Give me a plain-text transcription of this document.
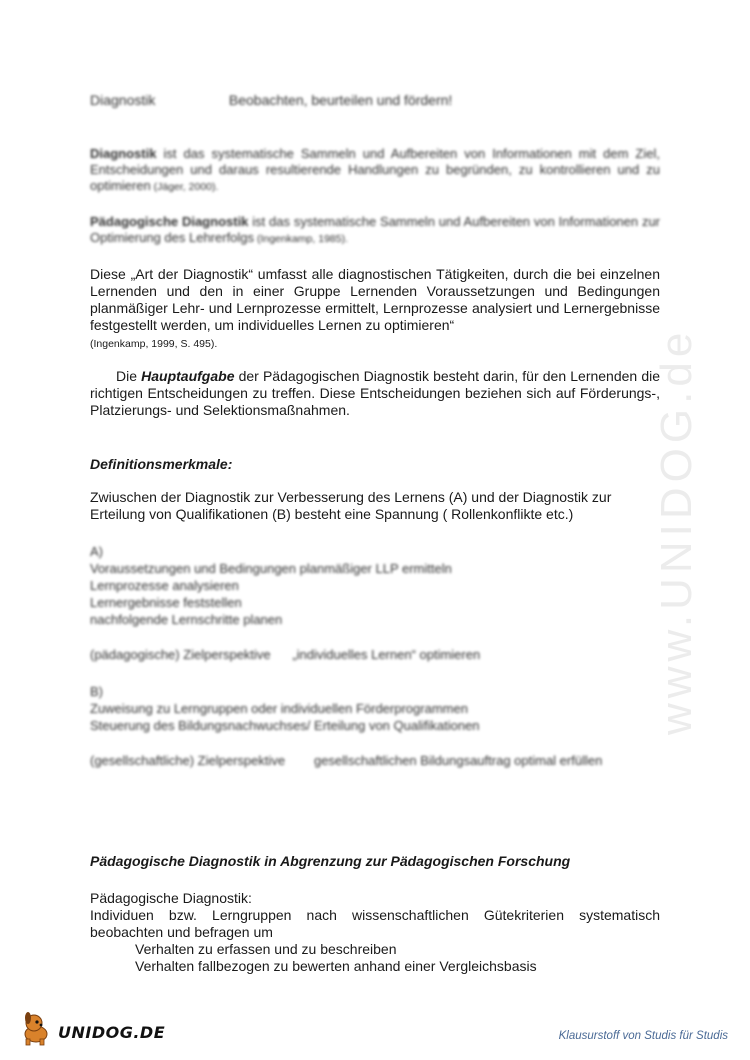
www.UNIDOG.de
Diagnostik	Beobachten, beurteilen und fördern!
Diagnostik ist das systematische Sammeln und Aufbereiten von Informationen mit dem Ziel, Entscheidungen und daraus resultierende Handlungen zu begründen, zu kontrollieren und zu optimieren (Jäger, 2000).
Pädagogische Diagnostik ist das systematische Sammeln und Aufbereiten von Informationen zur Optimierung des Lehrerfolgs (Ingenkamp, 1985).
Diese „Art der Diagnostik“ umfasst alle diagnostischen Tätigkeiten, durch die bei einzelnen Lernenden und den in einer Gruppe Lernenden Voraussetzungen und Bedingungen planmäßiger Lehr- und Lernprozesse ermittelt, Lernprozesse analysiert und Lernergebnisse festgestellt werden, um individuelles Lernen zu optimieren“
(Ingenkamp, 1999, S. 495).
Die Hauptaufgabe der Pädagogischen Diagnostik besteht darin, für den Lernenden die richtigen Entscheidungen zu treffen. Diese Entscheidungen beziehen sich auf Förderungs-, Platzierungs- und Selektionsmaßnahmen.
Definitionsmerkmale:
Zwiuschen der Diagnostik zur Verbesserung des Lernens (A) und der Diagnostik zur Erteilung von Qualifikationen (B) besteht eine Spannung ( Rollenkonflikte etc.)
A)
Voraussetzungen und Bedingungen planmäßiger LLP ermitteln
Lernprozesse analysieren
Lernergebnisse feststellen
nachfolgende Lernschritte planen
(pädagogische) Zielperspektive      „individuelles Lernen“ optimieren
B)
Zuweisung zu Lerngruppen oder individuellen Förderprogrammen
Steuerung des Bildungsnachwuchses/ Erteilung von Qualifikationen
(gesellschaftliche) Zielperspektive        gesellschaftlichen Bildungsauftrag optimal erfüllen
Pädagogische Diagnostik in Abgrenzung zur Pädagogischen Forschung
Pädagogische Diagnostik:
Individuen bzw. Lerngruppen nach wissenschaftlichen Gütekriterien systematisch beobachten und befragen um
Verhalten zu erfassen und zu beschreiben
Verhalten fallbezogen zu bewerten anhand einer Vergleichsbasis
UNIDOG.DE	Klausurstoff von Studis für Studis
